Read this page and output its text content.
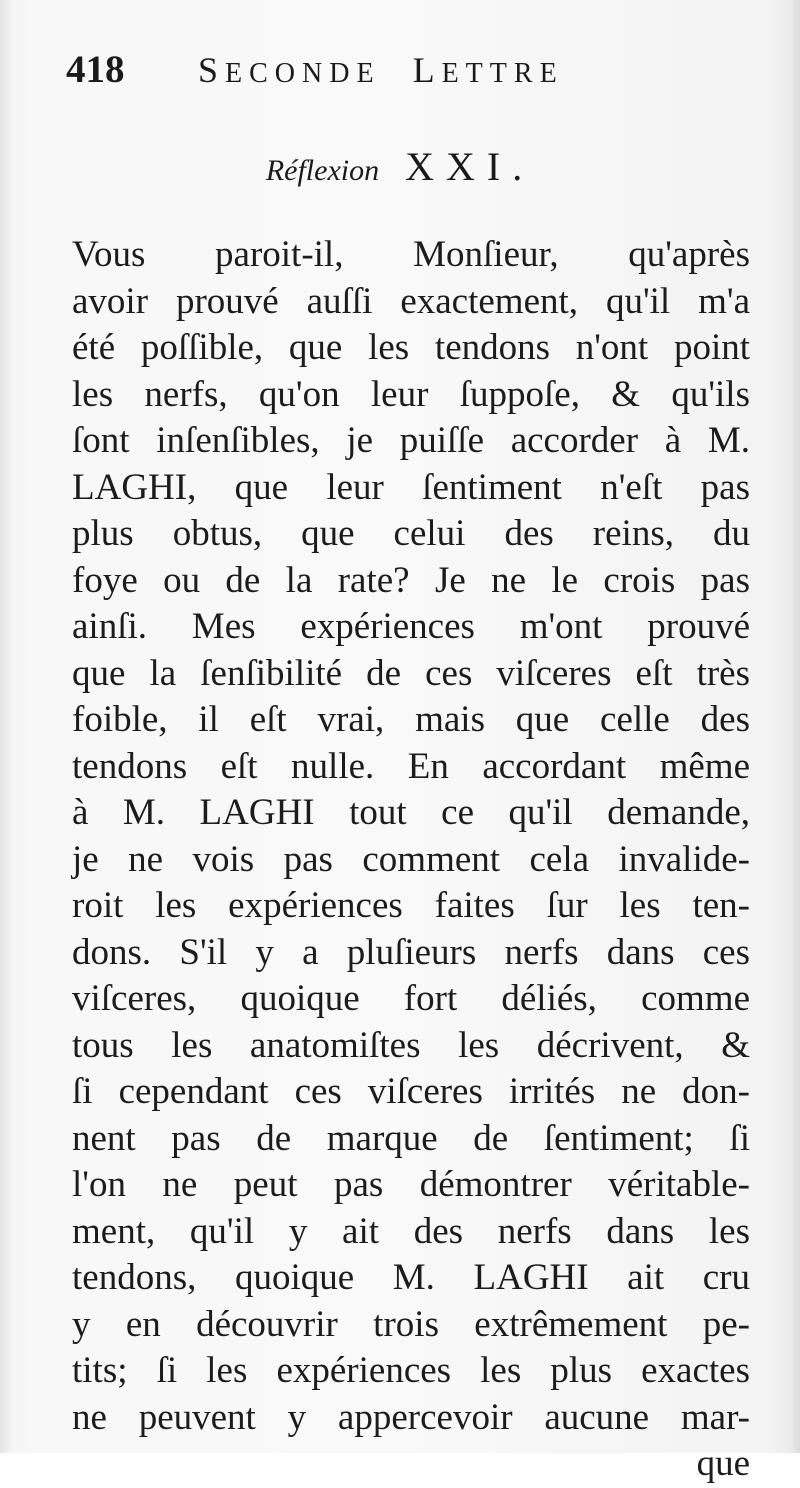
418 SECONDE LETTRE
Réflexion XXI.
Vous paroit-il, Monſieur, qu'après
avoir prouvé auſſi exactement, qu'il m'a
été poſſible, que les tendons n'ont point
les nerfs, qu'on leur ſuppoſe, & qu'ils
ſont inſenſibles, je puiſſe accorder à M.
LAGHI, que leur ſentiment n'eſt pas
plus obtus, que celui des reins, du
foye ou de la rate? Je ne le crois pas
ainſi. Mes expériences m'ont prouvé
que la ſenſibilité de ces viſceres eſt très
foible, il eſt vrai, mais que celle des
tendons eſt nulle. En accordant même
à M. LAGHI tout ce qu'il demande,
je ne vois pas comment cela invalide-
roit les expériences faites ſur les ten-
dons. S'il y a pluſieurs nerfs dans ces
viſceres, quoique fort déliés, comme
tous les anatomiſtes les décrivent, &
ſi cependant ces viſceres irrités ne don-
nent pas de marque de ſentiment; ſi
l'on ne peut pas démontrer véritable-
ment, qu'il y ait des nerfs dans les
tendons, quoique M. LAGHI ait cru
y en découvrir trois extrêmement pe-
tits; ſi les expériences les plus exactes
ne peuvent y appercevoir aucune mar-
que
